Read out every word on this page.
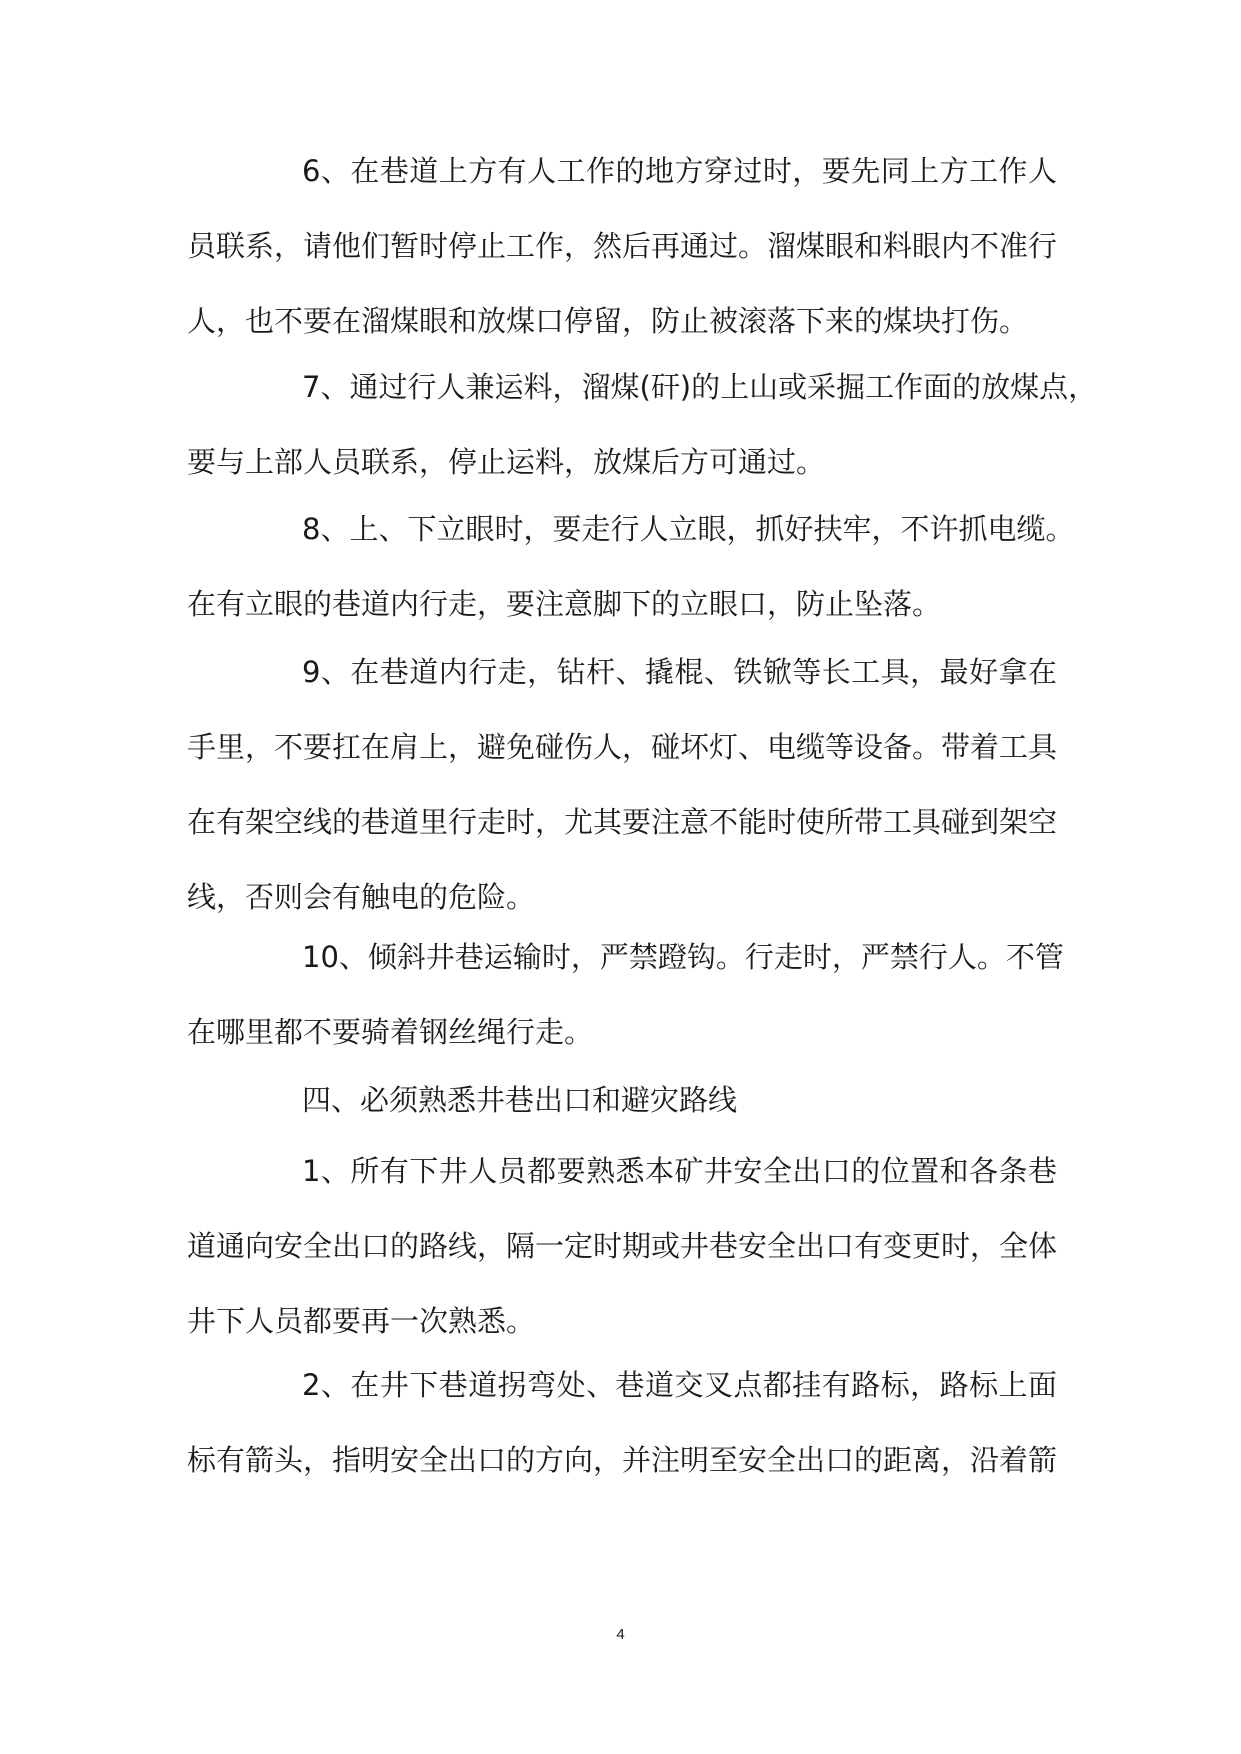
6、在巷道上方有人工作的地方穿过时，要先同上方工作人
员联系，请他们暂时停止工作，然后再通过。溜煤眼和料眼内不准行
人，也不要在溜煤眼和放煤口停留，防止被滚落下来的煤块打伤。
7、通过行人兼运料，溜煤(矸)的上山或采掘工作面的放煤点，
要与上部人员联系，停止运料，放煤后方可通过。
8、上、下立眼时，要走行人立眼，抓好扶牢，不许抓电缆。
在有立眼的巷道内行走，要注意脚下的立眼口，防止坠落。
9、在巷道内行走，钻杆、撬棍、铁锨等长工具，最好拿在
手里，不要扛在肩上，避免碰伤人，碰坏灯、电缆等设备。带着工具
在有架空线的巷道里行走时，尤其要注意不能时使所带工具碰到架空
线，否则会有触电的危险。
10、倾斜井巷运输时，严禁蹬钩。行走时，严禁行人。不管
在哪里都不要骑着钢丝绳行走。
四、必须熟悉井巷出口和避灾路线
1、所有下井人员都要熟悉本矿井安全出口的位置和各条巷
道通向安全出口的路线，隔一定时期或井巷安全出口有变更时，全体
井下人员都要再一次熟悉。
2、在井下巷道拐弯处、巷道交叉点都挂有路标，路标上面
标有箭头，指明安全出口的方向，并注明至安全出口的距离，沿着箭
4
